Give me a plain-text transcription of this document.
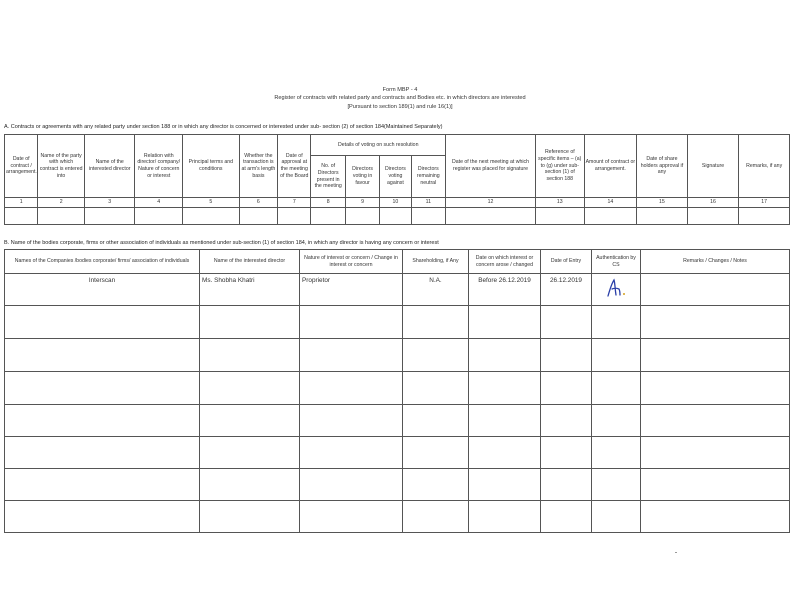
Form MBP - 4
Register of contracts with related party and contracts and Bodies etc. in which directors are interested
[Pursuant to section 189(1) and rule 16(1)]
A. Contracts or agreements with any related party under section 188 or in which any director is concerned or interested under sub- section (2) of section 184(Maintained Separately)
Date of contract / arrangement.	Name of the party with which contract is entered into	Name of the interested director	Relation with director/ company/ Nature of concern or interest	Principal terms and conditions	Whether the transaction is at arm's length basis	Date of approval at the meeting of the Board	Details of voting on such resolution				Date of the next meeting at which register was placed for signature	Reference of specific items – (a) to (g) under sub-section (1) of section 188	Amount of contract or arrangement.	Date of share holders approval if any	Signature	Remarks, if any
							No. of Directors present in the meeting	Directors voting in favour	Directors voting against	Directors remaining neutral						
1	2	3	4	5	6	7	8	9	10	11	12	13	14	15	16	17

B. Name of the bodies corporate, firms or other association of individuals as mentioned under sub-section (1) of section 184, in which any director is having any concern or interest
Names of the Companies /bodies corporate/ firms/ association of individuals	Name of the interested director	Nature of interest or concern / Change in interest or concern	Shareholding, if Any	Date on which interest or concern arose / changed	Date of Entry	Authentication by CS	Remarks / Changes / Notes
Interscan	Ms. Shobha Khatri	Proprietor	N.A.	Before 26.12.2019	26.12.2019	
